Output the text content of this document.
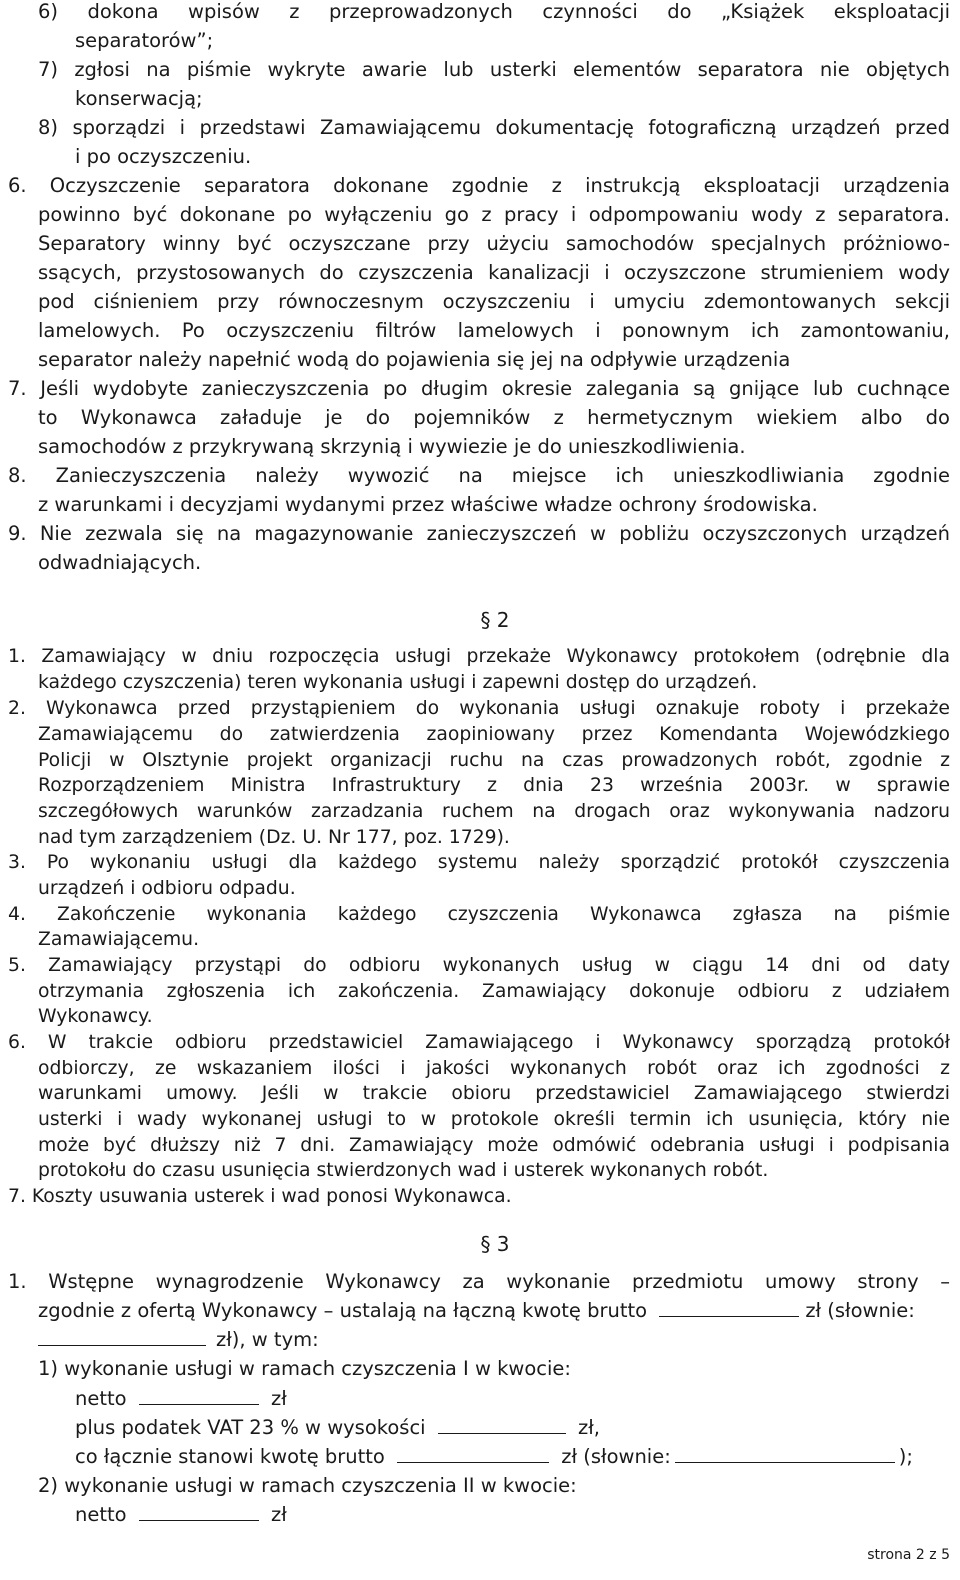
6) dokona wpisów z przeprowadzonych czynności do „Książek eksploatacji
separatorów”;
7) zgłosi na piśmie wykryte awarie lub usterki elementów separatora nie objętych
konserwacją;
8) sporządzi i przedstawi Zamawiającemu dokumentację fotograficzną urządzeń przed
i po oczyszczeniu.
6. Oczyszczenie separatora dokonane zgodnie z instrukcją eksploatacji urządzenia
powinno być dokonane po wyłączeniu go z pracy i odpompowaniu wody z separatora.
Separatory winny być oczyszczane przy użyciu samochodów specjalnych próżniowo-
ssących, przystosowanych do czyszczenia kanalizacji i oczyszczone strumieniem wody
pod ciśnieniem przy równoczesnym oczyszczeniu i umyciu zdemontowanych sekcji
lamelowych. Po oczyszczeniu filtrów lamelowych i ponownym ich zamontowaniu,
separator należy napełnić wodą do pojawienia się jej na odpływie urządzenia
7. Jeśli wydobyte zanieczyszczenia po długim okresie zalegania są gnijące lub cuchnące
to Wykonawca załaduje je do pojemników z hermetycznym wiekiem albo do
samochodów z przykrywaną skrzynią i wywiezie je do unieszkodliwienia.
8. Zanieczyszczenia należy wywozić na miejsce ich unieszkodliwiania zgodnie
z warunkami i decyzjami wydanymi przez właściwe władze ochrony środowiska.
9. Nie zezwala się na magazynowanie zanieczyszczeń w pobliżu oczyszczonych urządzeń
odwadniających.
§ 2
1. Zamawiający w dniu rozpoczęcia usługi przekaże Wykonawcy protokołem (odrębnie dla
każdego czyszczenia) teren wykonania usługi i zapewni dostęp do urządzeń.
2. Wykonawca przed przystąpieniem do wykonania usługi oznakuje roboty i przekaże
Zamawiającemu do zatwierdzenia zaopiniowany przez Komendanta Wojewódzkiego
Policji w Olsztynie projekt organizacji ruchu na czas prowadzonych robót, zgodnie z
Rozporządzeniem Ministra Infrastruktury z dnia 23 września 2003r. w sprawie
szczegółowych warunków zarzadzania ruchem na drogach oraz wykonywania nadzoru
nad tym zarządzeniem (Dz. U. Nr 177, poz. 1729).
3. Po wykonaniu usługi dla każdego systemu należy sporządzić protokół czyszczenia
urządzeń i odbioru odpadu.
4. Zakończenie wykonania każdego czyszczenia Wykonawca zgłasza na piśmie
Zamawiającemu.
5. Zamawiający przystąpi do odbioru wykonanych usług w ciągu 14 dni od daty
otrzymania zgłoszenia ich zakończenia. Zamawiający dokonuje odbioru z udziałem
Wykonawcy.
6. W trakcie odbioru przedstawiciel Zamawiającego i Wykonawcy sporządzą protokół
odbiorczy, ze wskazaniem ilości i jakości wykonanych robót oraz ich zgodności z
warunkami umowy. Jeśli w trakcie obioru przedstawiciel Zamawiającego stwierdzi
usterki i wady wykonanej usługi to w protokole określi termin ich usunięcia, który nie
może być dłuższy niż 7 dni. Zamawiający może odmówić odebrania usługi i podpisania
protokołu do czasu usunięcia stwierdzonych wad i usterek wykonanych robót.
7. Koszty usuwania usterek i wad ponosi Wykonawca.
§ 3
1. Wstępne wynagrodzenie Wykonawcy za wykonanie przedmiotu umowy strony –
zgodnie z ofertą Wykonawcy – ustalają na łączną kwotę brutto	zł (słownie:
zł), w tym:
1) wykonanie usługi w ramach czyszczenia I w kwocie:
netto	zł
plus podatek VAT 23 % w wysokości	zł,
co łącznie stanowi kwotę brutto	zł (słownie:	);
2) wykonanie usługi w ramach czyszczenia II w kwocie:
netto	zł
strona 2 z 5
